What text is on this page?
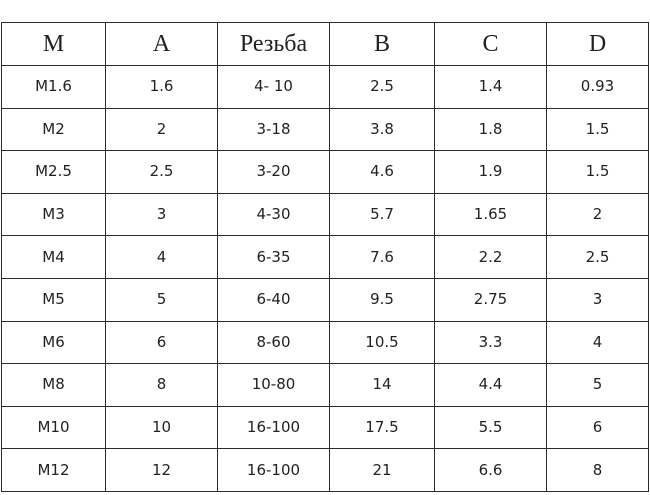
M	A	Резьба	B	C	D
M1.6	1.6	4- 10	2.5	1.4	0.93
M2	2	3-18	3.8	1.8	1.5
M2.5	2.5	3-20	4.6	1.9	1.5
M3	3	4-30	5.7	1.65	2
M4	4	6-35	7.6	2.2	2.5
M5	5	6-40	9.5	2.75	3
M6	6	8-60	10.5	3.3	4
M8	8	10-80	14	4.4	5
M10	10	16-100	17.5	5.5	6
M12	12	16-100	21	6.6	8
